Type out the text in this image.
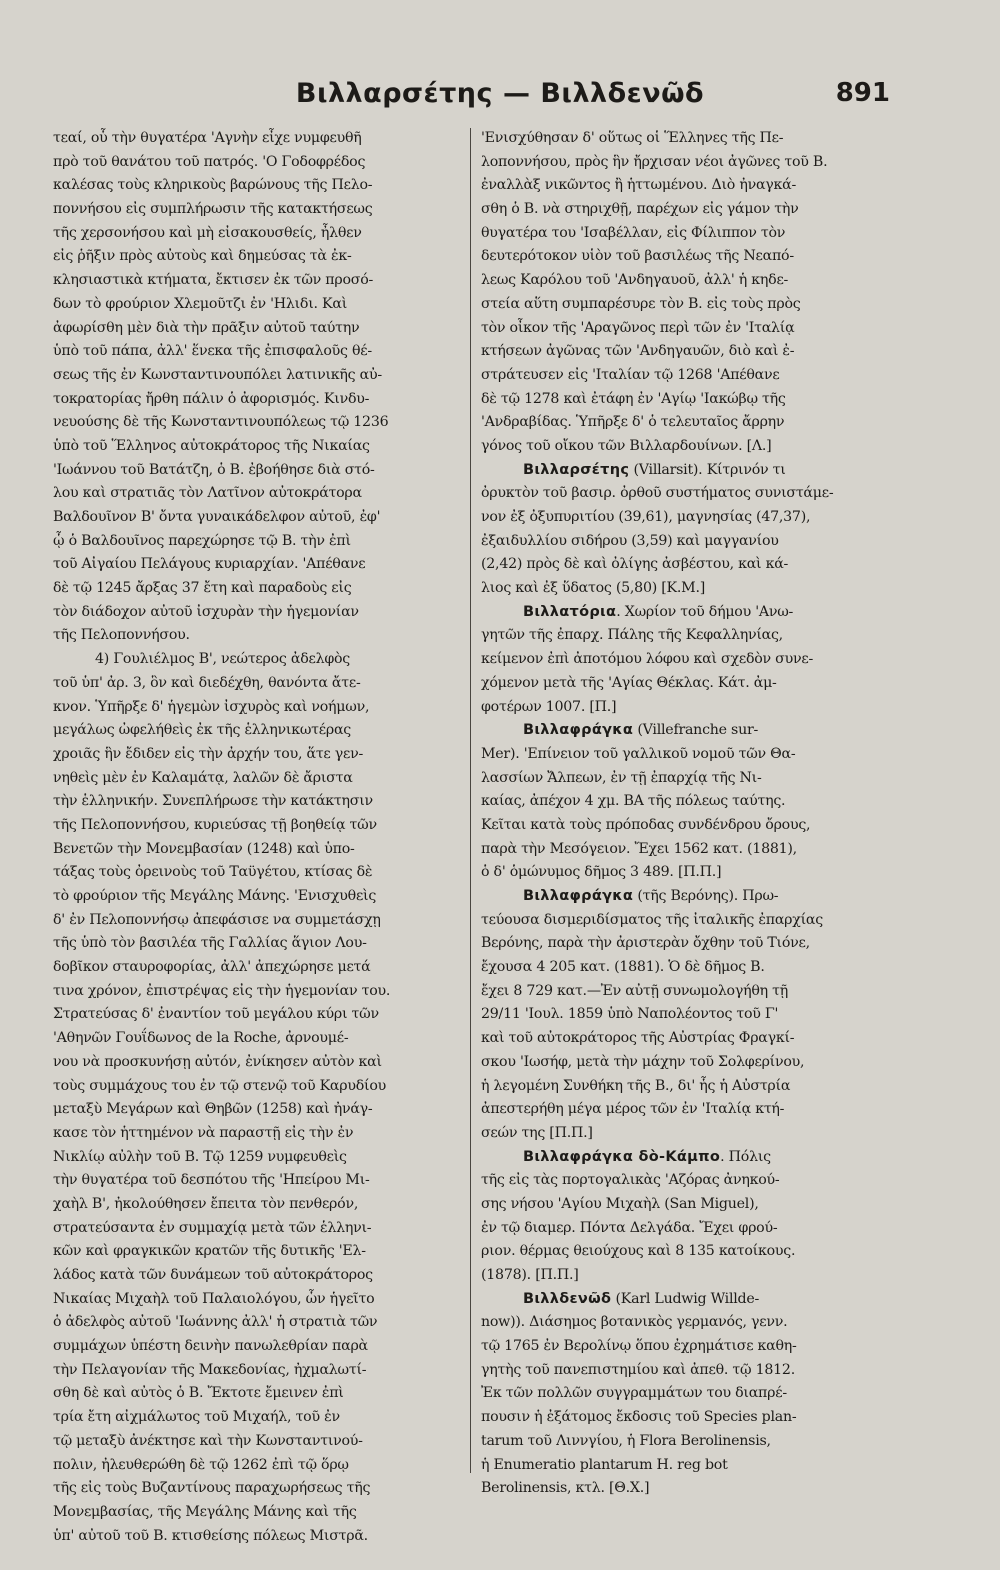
Βιλλαρσέτης — Βιλλδενῶδ	891
τεαί, οὗ τὴν θυγατέρα 'Αγνὴν εἶχε νυμφευθῆ
πρὸ τοῦ θανάτου τοῦ πατρός. 'Ο Γοδοφρέδος
καλέσας τοὺς κληρικοὺς βαρώνους τῆς Πελο-
ποννήσου εἰς συμπλήρωσιν τῆς κατακτήσεως
τῆς χερσονήσου καὶ μὴ εἰσακουσθείς, ἦλθεν
εἰς ῥῆξιν πρὸς αὐτοὺς καὶ δημεύσας τὰ ἐκ-
κλησιαστικὰ κτήματα, ἔκτισεν ἐκ τῶν προσό-
δων τὸ φρούριον Χλεμοῦτζι ἐν 'Ηλιδι. Καὶ
ἀφωρίσθη μὲν διὰ τὴν πρᾶξιν αὐτοῦ ταύτην
ὑπὸ τοῦ πάπα, ἀλλ' ἕνεκα τῆς ἐπισφαλοῦς θέ-
σεως τῆς ἐν Κωνσταντινουπόλει λατινικῆς αὐ-
τοκρατορίας ἤρθη πάλιν ὁ ἀφορισμός. Κινδυ-
νευούσης δὲ τῆς Κωνσταντινουπόλεως τῷ 1236
ὑπὸ τοῦ Ἕλληνος αὐτοκράτορος τῆς Νικαίας
'Ιωάννου τοῦ Βατάτζη, ὁ Β. ἐβοήθησε διὰ στό-
λου καὶ στρατιᾶς τὸν Λατῖνον αὐτοκράτορα
Βαλδουῖνον Β' ὄντα γυναικάδελφον αὐτοῦ, ἐφ'
ᾧ ὁ Βαλδουῖνος παρεχώρησε τῷ Β. τὴν ἐπὶ
τοῦ Αἰγαίου Πελάγους κυριαρχίαν. 'Απέθανε
δὲ τῷ 1245 ἄρξας 37 ἔτη καὶ παραδοὺς εἰς
τὸν διάδοχον αὐτοῦ ἰσχυρὰν τὴν ἡγεμονίαν
τῆς Πελοποννήσου.
4) Γουλιέλμος Β', νεώτερος ἀδελφὸς
τοῦ ὑπ' ἀρ. 3, ὃν καὶ διεδέχθη, θανόντα ἄτε-
κνον. Ὑπῆρξε δ' ἡγεμὼν ἰσχυρὸς καὶ νοήμων,
μεγάλως ὠφελήθεὶς ἐκ τῆς ἑλληνικωτέρας
χροιᾶς ἣν ἔδιδεν εἰς τὴν ἀρχήν του, ἅτε γεν-
νηθεὶς μὲν ἐν Καλαμάτᾳ, λαλῶν δὲ ἄριστα
τὴν ἑλληνικήν. Συνεπλήρωσε τὴν κατάκτησιν
τῆς Πελοποννήσου, κυριεύσας τῇ βοηθείᾳ τῶν
Βενετῶν τὴν Μονεμβασίαν (1248) καὶ ὑπο-
τάξας τοὺς ὀρεινοὺς τοῦ Ταϋγέτου, κτίσας δὲ
τὸ φρούριον τῆς Μεγάλης Μάνης. 'Ενισχυθεὶς
δ' ἐν Πελοποννήσῳ ἀπεφάσισε να συμμετάσχῃ
τῆς ὑπὸ τὸν βασιλέα τῆς Γαλλίας ἅγιον Λου-
δοβῖκον σταυροφορίας, ἀλλ' ἀπεχώρησε μετά
τινα χρόνον, ἐπιστρέψας εἰς τὴν ἡγεμονίαν του.
Στρατεύσας δ' ἐναντίον τοῦ μεγάλου κύρι τῶν
'Αθηνῶν Γουΐδωνος de la Roche, ἀρνουμέ-
νου νὰ προσκυνήσῃ αὐτόν, ἐνίκησεν αὐτὸν καὶ
τοὺς συμμάχους του ἐν τῷ στενῷ τοῦ Καρυδίου
μεταξὺ Μεγάρων καὶ Θηβῶν (1258) καὶ ἠνάγ-
κασε τὸν ἡττημένον νὰ παραστῇ εἰς τὴν ἐν
Νικλίῳ αὐλὴν τοῦ Β. Τῷ 1259 νυμφευθεὶς
τὴν θυγατέρα τοῦ δεσπότου τῆς 'Ηπείρου Μι-
χαὴλ Β', ἠκολούθησεν ἔπειτα τὸν πενθερόν,
στρατεύσαντα ἐν συμμαχίᾳ μετὰ τῶν ἑλληνι-
κῶν καὶ φραγκικῶν κρατῶν τῆς δυτικῆς 'Ελ-
λάδος κατὰ τῶν δυνάμεων τοῦ αὐτοκράτορος
Νικαίας Μιχαὴλ τοῦ Παλαιολόγου, ὧν ἡγεῖτο
ὁ ἀδελφὸς αὐτοῦ 'Ιωάννης ἀλλ' ἡ στρατιὰ τῶν
συμμάχων ὑπέστη δεινὴν πανωλεθρίαν παρὰ
τὴν Πελαγονίαν τῆς Μακεδονίας, ἠχμαλωτί-
σθη δὲ καὶ αὐτὸς ὁ Β. Ἔκτοτε ἔμεινεν ἐπὶ
τρία ἔτη αἰχμάλωτος τοῦ Μιχαήλ, τοῦ ἐν
τῷ μεταξὺ ἀνέκτησε καὶ τὴν Κωνσταντινού-
πολιν, ἠλευθερώθη δὲ τῷ 1262 ἐπὶ τῷ ὅρῳ
τῆς εἰς τοὺς Βυζαντίνους παραχωρήσεως τῆς
Μονεμβασίας, τῆς Μεγάλης Μάνης καὶ τῆς
ὑπ' αὐτοῦ τοῦ Β. κτισθείσης πόλεως Μιστρᾶ.
'Ενισχύθησαν δ' οὕτως οἱ Ἕλληνες τῆς Πε-
λοποννήσου, πρὸς ἣν ἤρχισαν νέοι ἀγῶνες τοῦ Β.
ἐναλλὰξ νικῶντος ἢ ἡττωμένου. Διὸ ἠναγκά-
σθη ὁ Β. νὰ στηριχθῇ, παρέχων εἰς γάμον τὴν
θυγατέρα του 'Ισαβέλλαν, εἰς Φίλιππον τὸν
δευτερότοκον υἱὸν τοῦ βασιλέως τῆς Νεαπό-
λεως Καρόλου τοῦ 'Ανδηγαυοῦ, ἀλλ' ἡ κηδε-
στεία αὕτη συμπαρέσυρε τὸν Β. εἰς τοὺς πρὸς
τὸν οἶκον τῆς 'Αραγῶνος περὶ τῶν ἐν 'Ιταλίᾳ
κτήσεων ἀγῶνας τῶν 'Ανδηγαυῶν, διὸ καὶ ἐ-
στράτευσεν εἰς 'Ιταλίαν τῷ 1268 'Απέθανε
δὲ τῷ 1278 καὶ ἐτάφη ἐν 'Αγίῳ 'Ιακώβῳ τῆς
'Ανδραβίδας. Ὑπῆρξε δ' ὁ τελευταῖος ἄρρην
γόνος τοῦ οἴκου τῶν Βιλλαρδουίνων. [Λ.]
Βιλλαρσέτης (Villarsit). Κίτρινόν τι
ὀρυκτὸν τοῦ βασιρ. ὀρθοῦ συστήματος συνιστάμε-
νον ἐξ ὀξυπυριτίου (39,61), μαγνησίας (47,37),
ἐξαιδυλλίου σιδήρου (3,59) καὶ μαγγανίου
(2,42) πρὸς δὲ καὶ ὀλίγης ἀσβέστου, καὶ κά-
λιος καὶ ἐξ ὕδατος (5,80) [Κ.Μ.]
Βιλλατόρια. Χωρίον τοῦ δήμου 'Ανω-
γητῶν τῆς ἐπαρχ. Πάλης τῆς Κεφαλληνίας,
κείμενον ἐπὶ ἀποτόμου λόφου καὶ σχεδὸν συνε-
χόμενον μετὰ τῆς 'Αγίας Θέκλας. Κάτ. ἀμ-
φοτέρων 1007. [Π.]
Βιλλαφράγκα (Villefranche sur-
Mer). 'Επίνειον τοῦ γαλλικοῦ νομοῦ τῶν Θα-
λασσίων Ἄλπεων, ἐν τῇ ἐπαρχίᾳ τῆς Νι-
καίας, ἀπέχον 4 χμ. ΒΑ τῆς πόλεως ταύτης.
Κεῖται κατὰ τοὺς πρόποδας συνδένδρου ὄρους,
παρὰ τὴν Μεσόγειον. Ἔχει 1562 κατ. (1881),
ὁ δ' ὁμώνυμος δῆμος 3 489. [Π.Π.]
Βιλλαφράγκα (τῆς Βερόνης). Πρω-
τεύουσα δισμεριδίσματος τῆς ἰταλικῆς ἐπαρχίας
Βερόνης, παρὰ τὴν ἀριστερὰν ὄχθην τοῦ Τιόνε,
ἔχουσα 4 205 κατ. (1881). Ὁ δὲ δῆμος Β.
ἔχει 8 729 κατ.—Ἐν αὐτῇ συνωμολογήθη τῇ
29/11 'Ιουλ. 1859 ὑπὸ Ναπολέοντος τοῦ Γ'
καὶ τοῦ αὐτοκράτορος τῆς Αὐστρίας Φραγκί-
σκου 'Ιωσήφ, μετὰ τὴν μάχην τοῦ Σολφερίνου,
ἡ λεγομένη Συνθήκη τῆς Β., δι' ἧς ἡ Αὐστρία
ἀπεστερήθη μέγα μέρος τῶν ἐν 'Ιταλίᾳ κτή-
σεών της [Π.Π.]
Βιλλαφράγκα δὸ-Κάμπο. Πόλις
τῆς εἰς τὰς πορτογαλικὰς 'Αζόρας ἀνηκού-
σης νήσου 'Αγίου Μιχαὴλ (San Miguel),
ἐν τῷ διαμερ. Πόντα Δελγάδα. Ἔχει φρού-
ριον. θέρμας θειούχους καὶ 8 135 κατοίκους.
(1878). [Π.Π.]
Βιλλδενῶδ (Karl Ludwig Willde-
now)). Διάσημος βοτανικὸς γερμανός, γενν.
τῷ 1765 ἐν Βερολίνῳ ὅπου ἐχρημάτισε καθη-
γητὴς τοῦ πανεπιστημίου καὶ ἀπεθ. τῷ 1812.
Ἐκ τῶν πολλῶν συγγραμμάτων του διαπρέ-
πουσιν ἡ ἐξάτομος ἔκδοσις τοῦ Species plan-
tarum τοῦ Λιννγίου, ἡ Flora Berolinensis,
ἡ Enumeratio plantarum H. reg bot
Berolinensis, κτλ. [Θ.Χ.]
